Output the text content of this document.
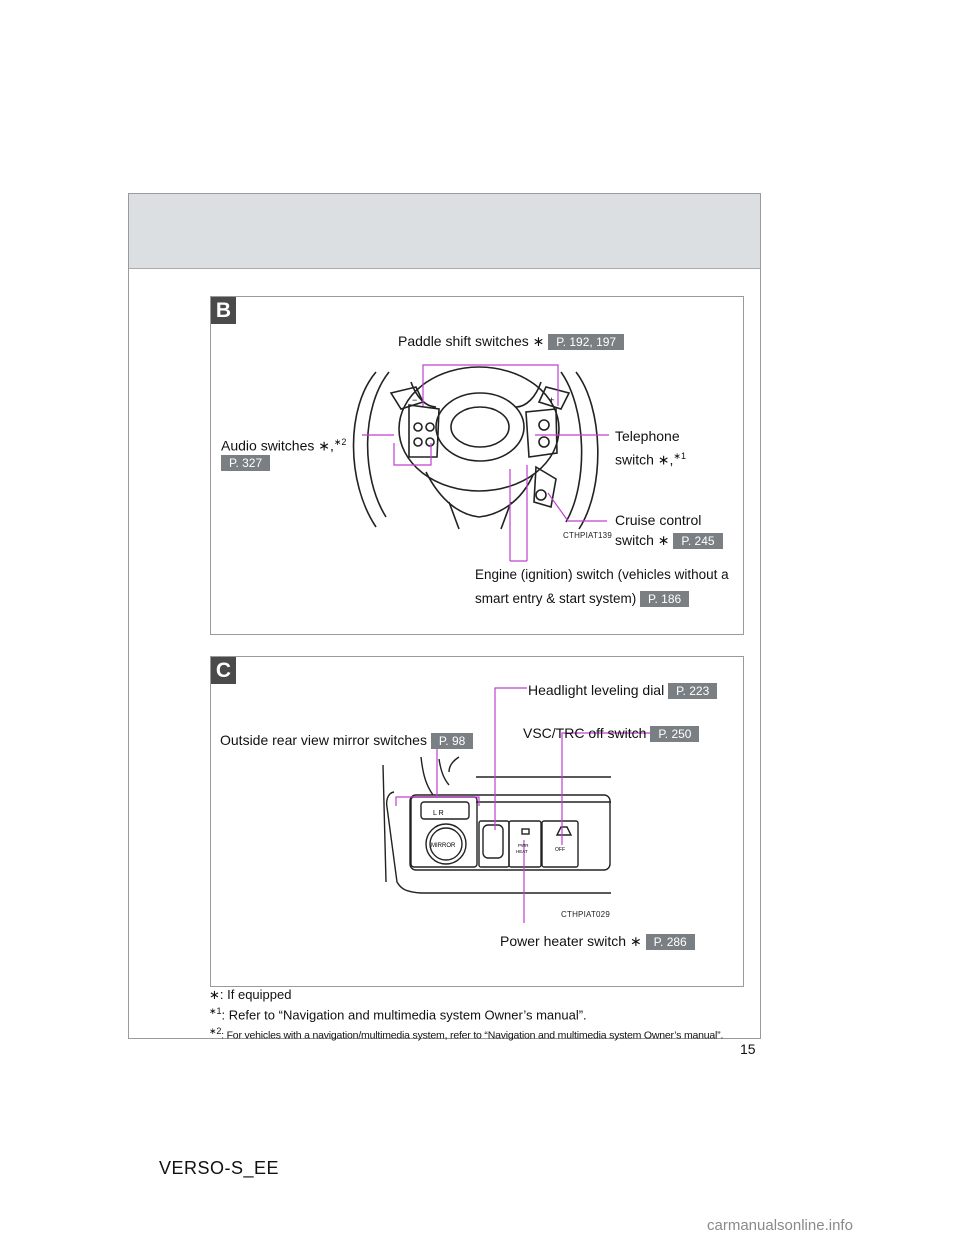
B
−	+
Paddle shift switches ∗ P. 192, 197
Audio switches ∗,$^{∗2}$
P. 327
Telephone
switch ∗,$^{∗1}$
Cruise control
switch ∗ P. 245
CTHPIAT139
Engine (ignition) switch (vehicles without a
smart entry & start system) P. 186
C
L R
MIRROR	PWR
HEAT	OFF
Headlight leveling dial P. 223
VSC/TRC off switch P. 250
Outside rear view mirror switches P. 98
CTHPIAT029
Power heater switch ∗ P. 286
∗: If equipped
$^{∗1}$: Refer to “Navigation and multimedia system Owner’s manual”.
$^{∗2}$: For vehicles with a navigation/multimedia system, refer to “Navigation and multimedia system Owner’s manual”.
15
VERSO-S_EE
carmanualsonline.info
